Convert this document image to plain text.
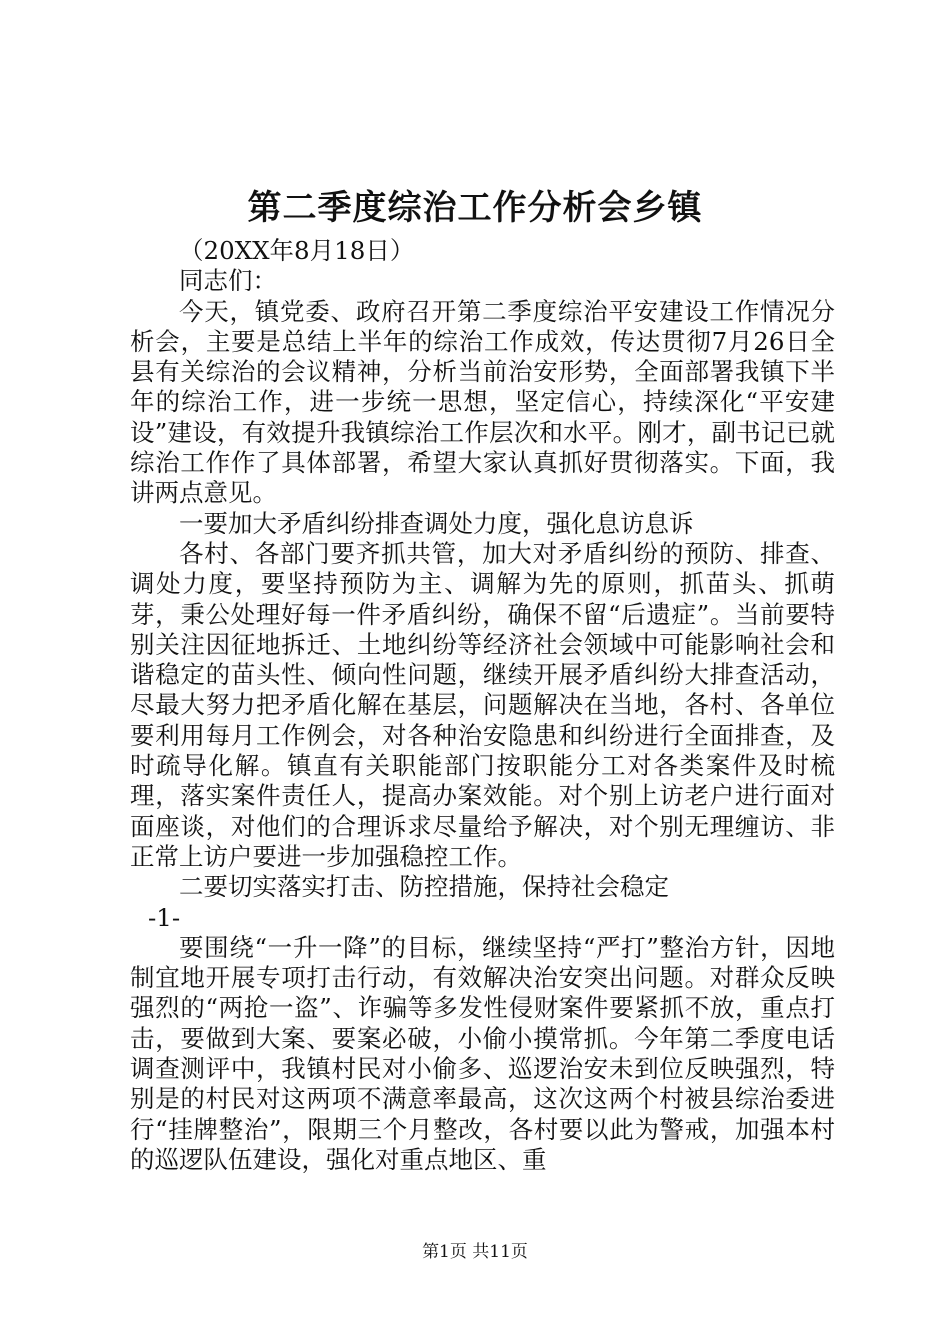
第二季度综治工作分析会乡镇

（20XX年8月18日）

同志们：

今天，镇党委、政府召开第二季度综治平安建设工作情况分析会，主要是总结上半年的综治工作成效，传达贯彻7月26日全县有关综治的会议精神，分析当前治安形势，全面部署我镇下半年的综治工作，进一步统一思想，坚定信心，持续深化“平安建设”建设，有效提升我镇综治工作层次和水平。刚才，副书记已就综治工作作了具体部署，希望大家认真抓好贯彻落实。下面，我讲两点意见。

一要加大矛盾纠纷排查调处力度，强化息访息诉

各村、各部门要齐抓共管，加大对矛盾纠纷的预防、排查、调处力度，要坚持预防为主、调解为先的原则，抓苗头、抓萌芽，秉公处理好每一件矛盾纠纷，确保不留“后遗症”。当前要特别关注因征地拆迁、土地纠纷等经济社会领域中可能影响社会和谐稳定的苗头性、倾向性问题，继续开展矛盾纠纷大排查活动，尽最大努力把矛盾化解在基层，问题解决在当地，各村、各单位要利用每月工作例会，对各种治安隐患和纠纷进行全面排查，及时疏导化解。镇直有关职能部门按职能分工对各类案件及时梳理，落实案件责任人，提高办案效能。对个别上访老户进行面对面座谈，对他们的合理诉求尽量给予解决，对个别无理缠访、非正常上访户要进一步加强稳控工作。

二要切实落实打击、防控措施，保持社会稳定

-1-

要围绕“一升一降”的目标，继续坚持“严打”整治方针，因地制宜地开展专项打击行动，有效解决治安突出问题。对群众反映强烈的“两抢一盗”、诈骗等多发性侵财案件要紧抓不放，重点打击，要做到大案、要案必破，小偷小摸常抓。今年第二季度电话调查测评中，我镇村民对小偷多、巡逻治安未到位反映强烈，特别是的村民对这两项不满意率最高，这次这两个村被县综治委进行“挂牌整治”，限期三个月整改，各村要以此为警戒，加强本村的巡逻队伍建设，强化对重点地区、重

第1页 共11页
